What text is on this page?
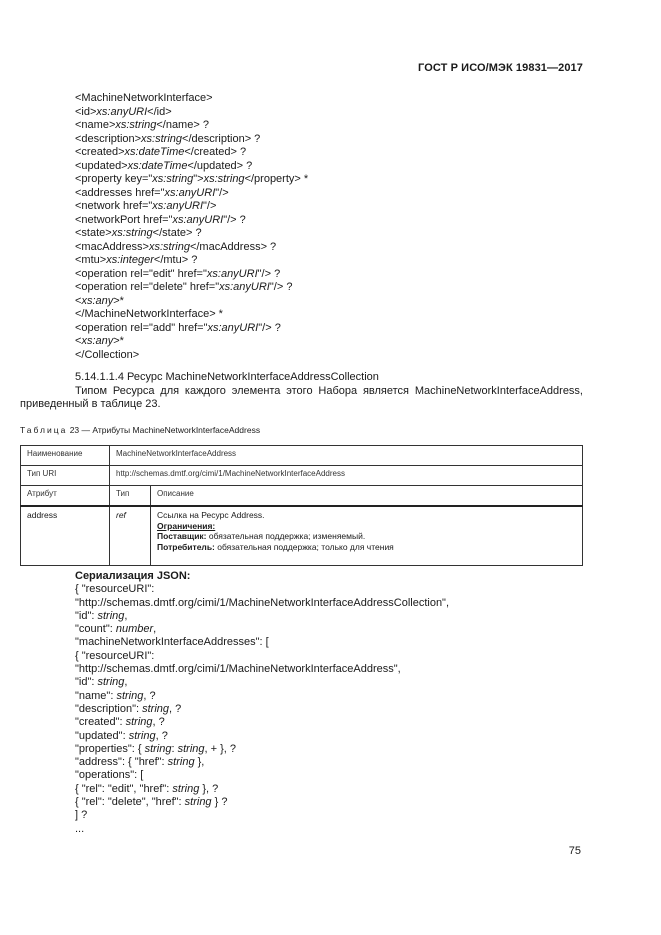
ГОСТ Р ИСО/МЭК 19831—2017
<MachineNetworkInterface>
<id>xs:anyURI</id>
<name>xs:string</name> ?
<description>xs:string</description> ?
<created>xs:dateTime</created> ?
<updated>xs:dateTime</updated> ?
<property key="xs:string">xs:string</property> *
<addresses href="xs:anyURI"/>
<network href="xs:anyURI"/>
<networkPort href="xs:anyURI"/> ?
<state>xs:string</state> ?
<macAddress>xs:string</macAddress> ?
<mtu>xs:integer</mtu> ?
<operation rel="edit" href="xs:anyURI"/> ?
<operation rel="delete" href="xs:anyURI"/> ?
<xs:any>*
</MachineNetworkInterface> *
<operation rel="add" href="xs:anyURI"/> ?
<xs:any>*
</Collection>
5.14.1.1.4 Ресурс MachineNetworkInterfaceAddressCollection
Типом Ресурса для каждого элемента этого Набора является MachineNetworkInterfaceAddress, приведенный в таблице 23.
Таблица 23 — Атрибуты MachineNetworkInterfaceAddress
Наименование	MachineNetworkInterfaceAddress	
Тип URI	http://schemas.dmtf.org/cimi/1/MachineNetworkInterfaceAddress	
Атрибут	Тип	Описание
address	ref	Ссылка на Ресурс Address.
Ограничения:
Поставщик: обязательная поддержка; изменяемый.
Потребитель: обязательная поддержка; только для чтения
Сериализация JSON:
{ "resourceURI":
"http://schemas.dmtf.org/cimi/1/MachineNetworkInterfaceAddressCollection",
"id": string,
"count": number,
"machineNetworkInterfaceAddresses": [
{ "resourceURI":
"http://schemas.dmtf.org/cimi/1/MachineNetworkInterfaceAddress",
"id": string,
"name": string, ?
"description": string, ?
"created": string, ?
"updated": string, ?
"properties": { string: string, + }, ?
"address": { "href": string },
"operations": [
{ "rel": "edit", "href": string }, ?
{ "rel": "delete", "href": string } ?
] ?
...
75
